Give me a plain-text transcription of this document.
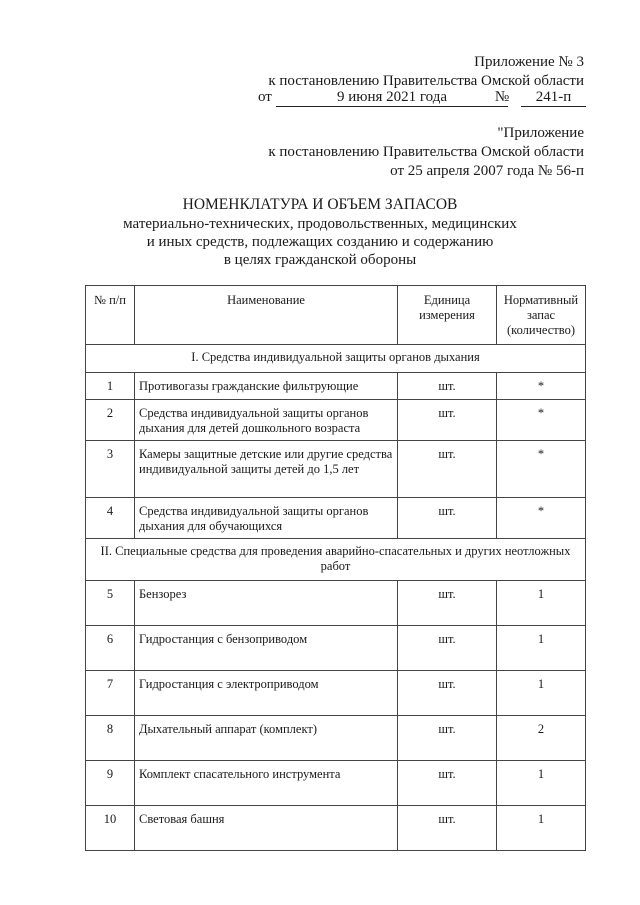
Приложение № 3
к постановлению Правительства Омской области
от	9 июня 2021 года	№	241-п
"Приложение
к постановлению Правительства Омской области
от 25 апреля 2007 года № 56-п
НОМЕНКЛАТУРА И ОБЪЕМ ЗАПАСОВ
материально-технических, продовольственных, медицинских
и иных средств, подлежащих созданию и содержанию
в целях гражданской обороны
№ п/п	Наименование	Единица измерения	Нормативный запас (количество)
I. Средства индивидуальной защиты органов дыхания			
1	Противогазы гражданские фильтрующие	шт.	*
2	Средства индивидуальной защиты органов дыхания для детей дошкольного возраста	шт.	*
3	Камеры защитные детские или другие средства индивидуальной защиты детей до 1,5 лет	шт.	*
4	Средства индивидуальной защиты органов дыхания для обучающихся	шт.	*
II. Специальные средства для проведения аварийно-спасательных и других неотложных работ			
5	Бензорез	шт.	1
6	Гидростанция с бензоприводом	шт.	1
7	Гидростанция с электроприводом	шт.	1
8	Дыхательный аппарат (комплект)	шт.	2
9	Комплект спасательного инструмента	шт.	1
10	Световая башня	шт.	1
